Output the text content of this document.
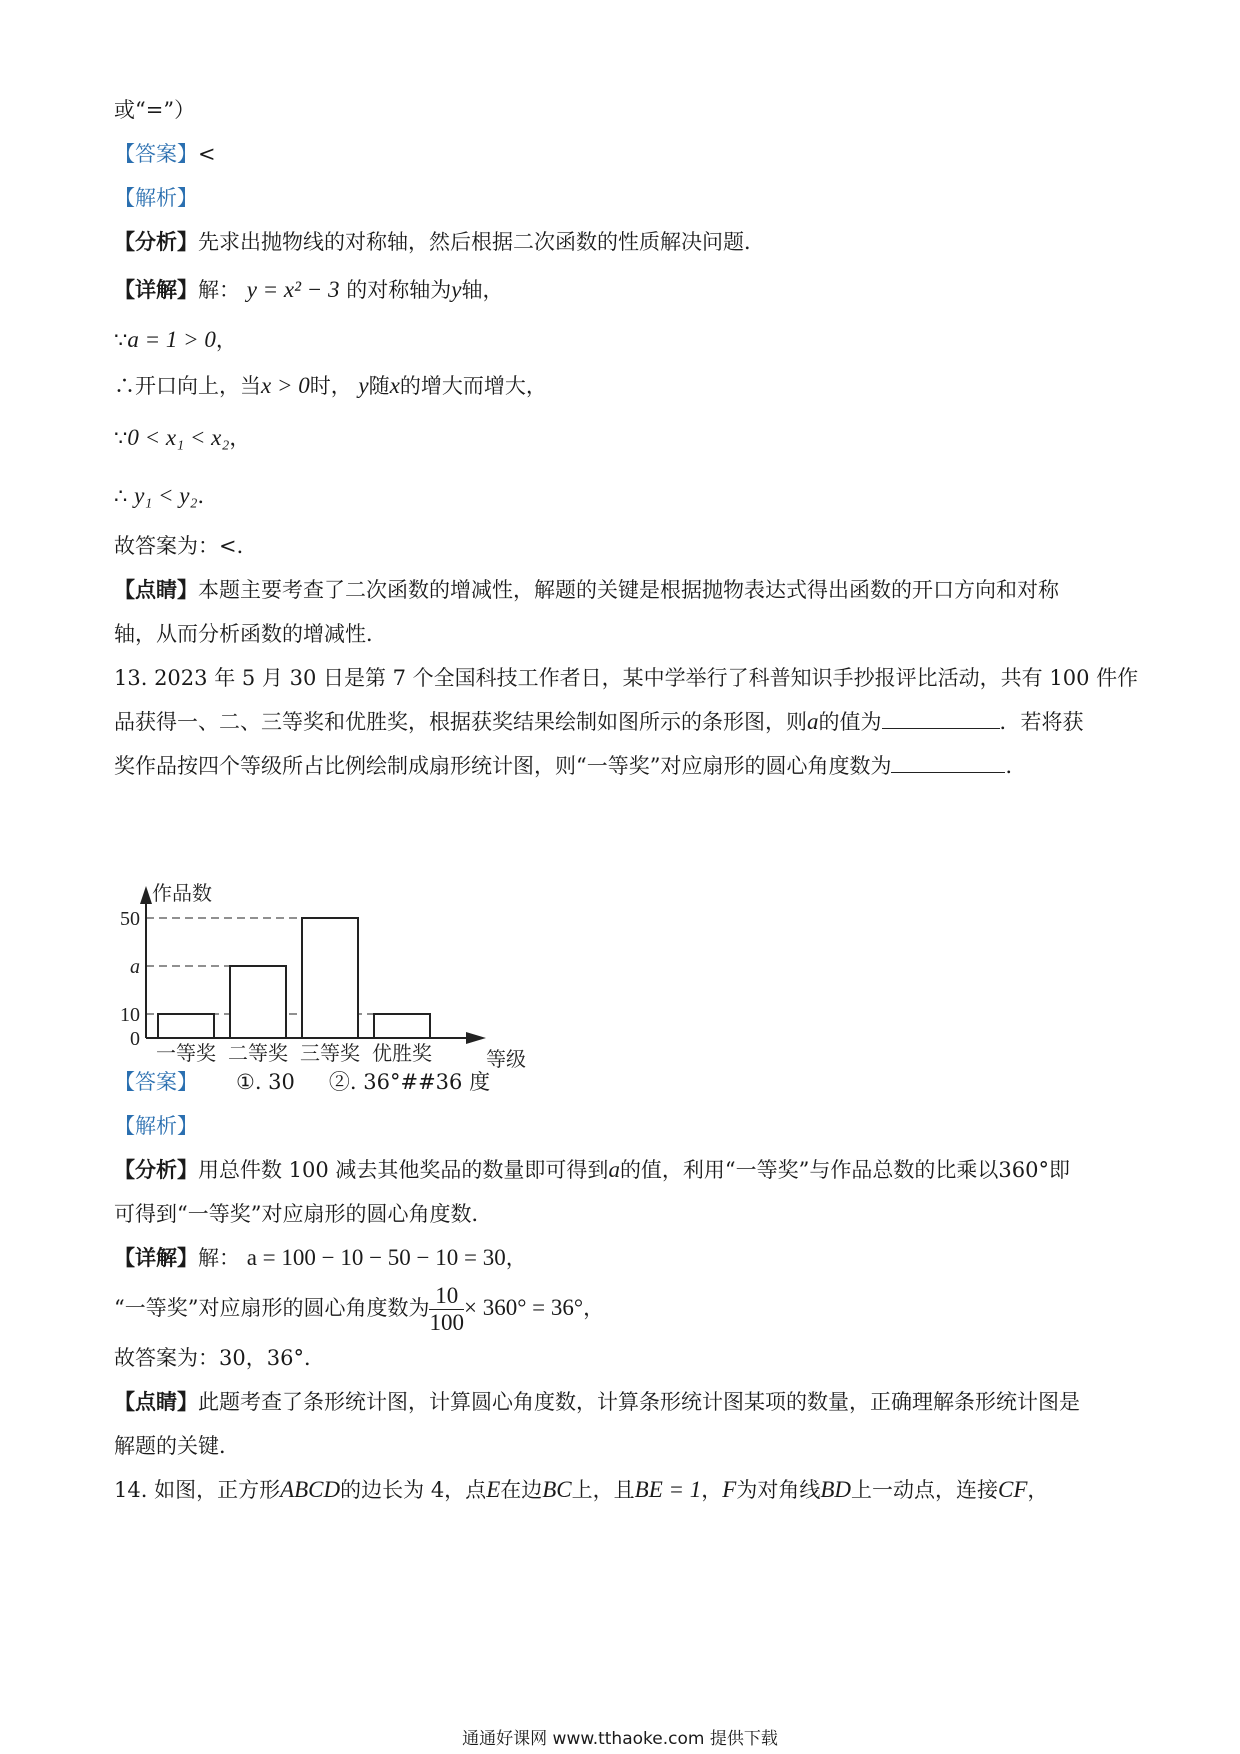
或“=”）
【答案】<
【解析】
【分析】先求出抛物线的对称轴，然后根据二次函数的性质解决问题．
【详解】解： y = x² − 3 的对称轴为y轴，
∵a = 1 > 0，
∴开口向上，当x > 0时， y随x的增大而增大，
∵0 < x₁ < x₂，
∴ y₁ < y₂．
故答案为：<．
【点睛】本题主要考查了二次函数的增减性，解题的关键是根据抛物表达式得出函数的开口方向和对称
轴，从而分析函数的增减性．
13. 2023 年 5 月 30 日是第 7 个全国科技工作者日，某中学举行了科普知识手抄报评比活动，共有 100 件作
品获得一、二、三等奖和优胜奖，根据获奖结果绘制如图所示的条形图，则a的值为	．若将获
奖作品按四个等级所占比例绘制成扇形统计图，则“一等奖”对应扇形的圆心角度数为	．
作品数
等级
0
10
a
50
一等奖 二等奖 三等奖 优胜奖
【答案】 ①. 30 ②. 36°##36 度
【解析】
【分析】用总件数 100 减去其他奖品的数量即可得到a的值，利用“一等奖”与作品总数的比乘以360°即
可得到“一等奖”对应扇形的圆心角度数．
【详解】解： a = 100 − 10 − 50 − 10 = 30，
“一等奖”对应扇形的圆心角度数为 $\frac{10}{100} \times 360^\circ = 36^\circ$，
故答案为：30，36°．
【点睛】此题考查了条形统计图，计算圆心角度数，计算条形统计图某项的数量，正确理解条形统计图是
解题的关键．
14. 如图，正方形ABCD的边长为 4，点E在边BC上，且BE = 1，F为对角线BD上一动点，连接CF，
通通好课网 www.tthaoke.com 提供下载
